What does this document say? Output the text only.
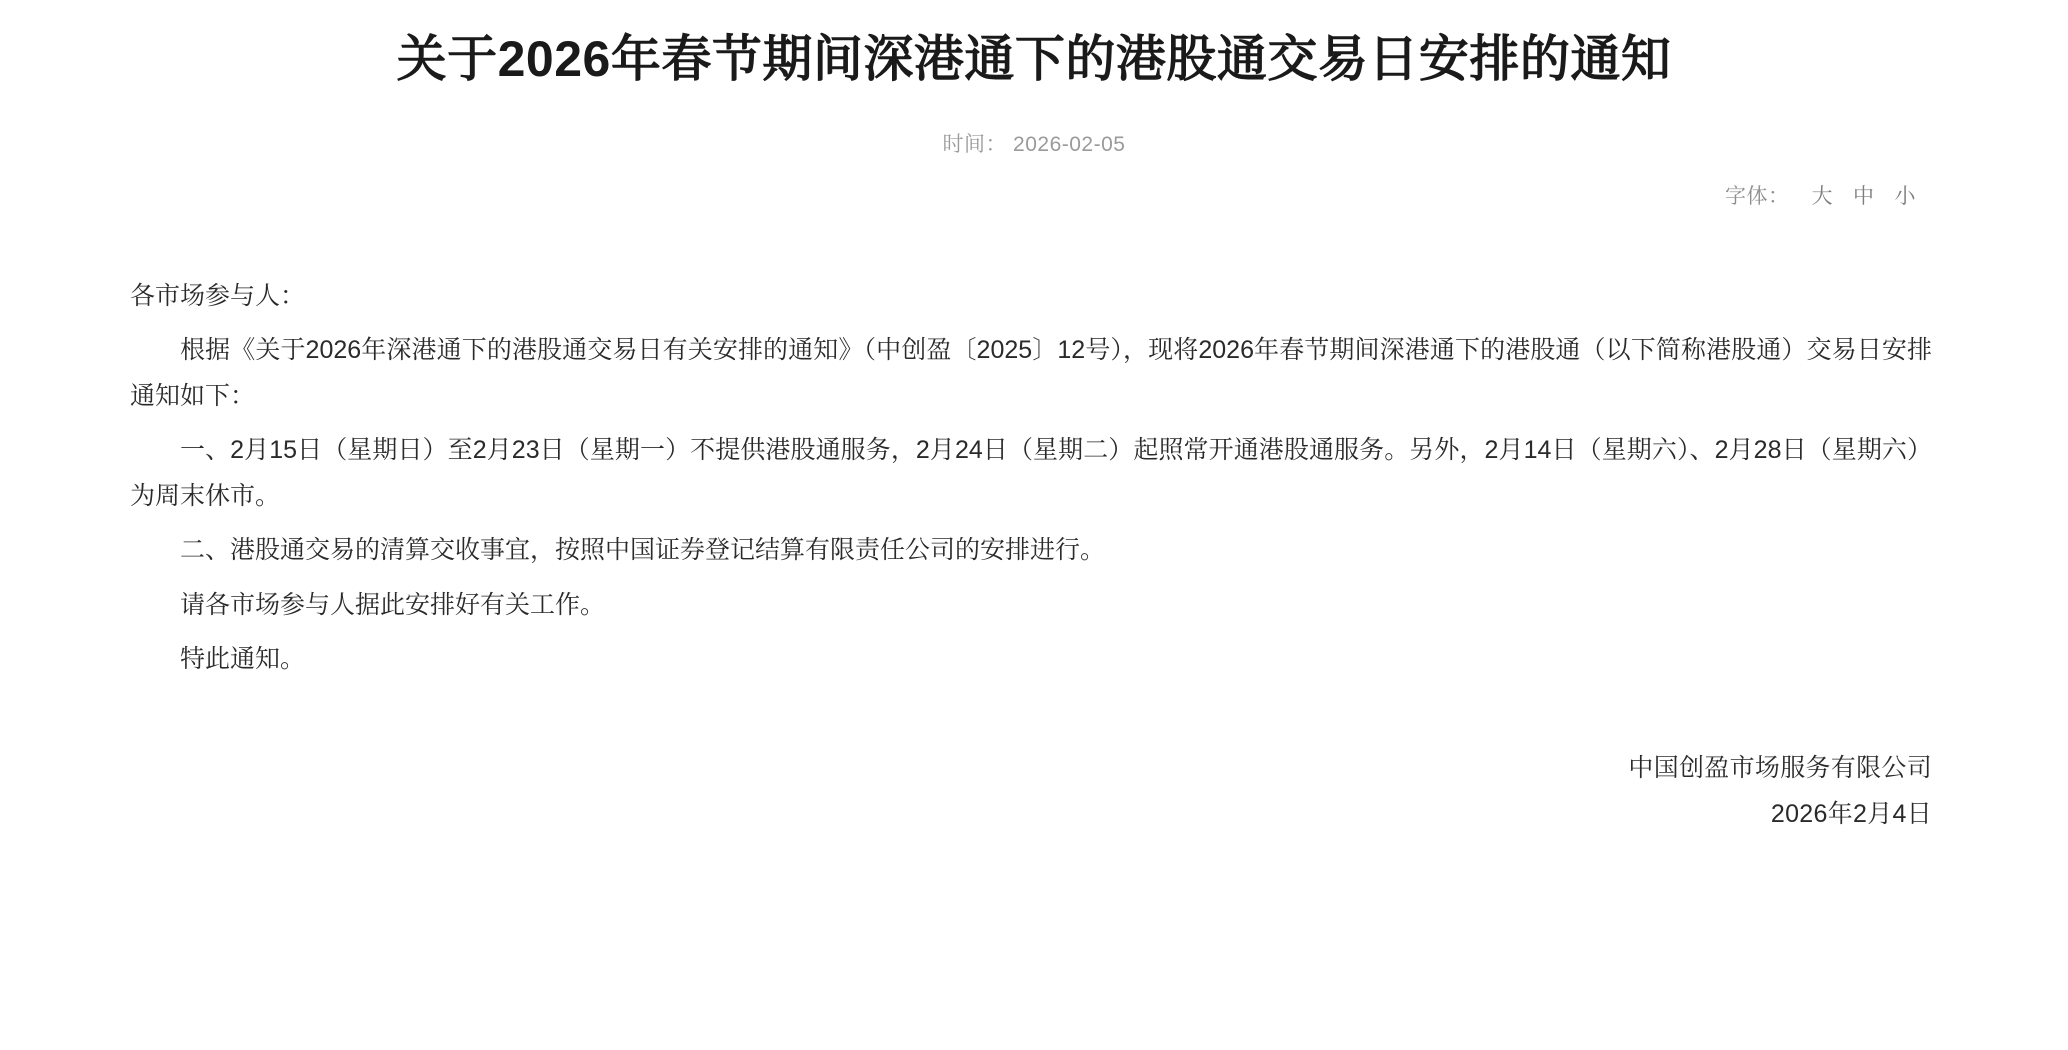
关于2026年春节期间深港通下的港股通交易日安排的通知
时间： 2026-02-05
字体： 大 中 小

各市场参与人：

根据《关于2026年深港通下的港股通交易日有关安排的通知》（中创盈〔2025〕12号），现将2026年春节期间深港通下的港股通（以下简称港股通）交易日安排通知如下：

一、2月15日（星期日）至2月23日（星期一）不提供港股通服务，2月24日（星期二）起照常开通港股通服务。另外，2月14日（星期六）、2月28日（星期六）为周末休市。

二、港股通交易的清算交收事宜，按照中国证券登记结算有限责任公司的安排进行。

请各市场参与人据此安排好有关工作。

特此通知。

中国创盈市场服务有限公司
2026年2月4日
